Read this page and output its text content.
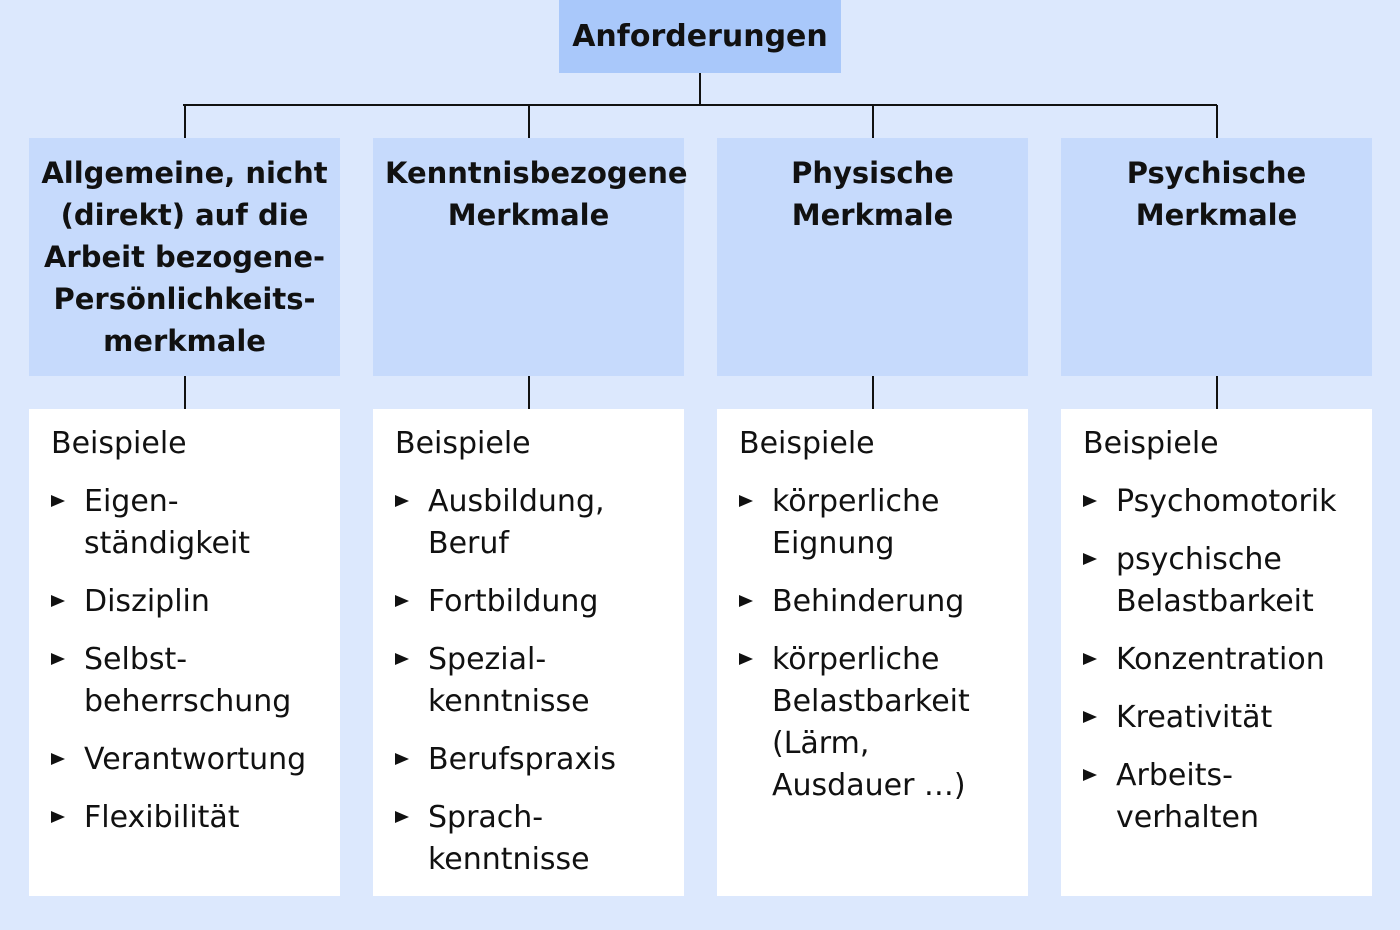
Anforderungen
Allgemeine, nicht
(direkt) auf die
Arbeit bezogene-
Persönlichkeits-
merkmale
Beispiele
Eigen-
ständigkeit
Disziplin
Selbst-
beherrschung
Verantwortung
Flexibilität
Kenntnisbezogene
Merkmale
Beispiele
Ausbildung,
Beruf
Fortbildung
Spezial-
kenntnisse
Berufspraxis
Sprach-
kenntnisse
Physische
Merkmale
Beispiele
körperliche
Eignung
Behinderung
körperliche
Belastbarkeit
(Lärm,
Ausdauer …)
Psychische
Merkmale
Beispiele
Psychomotorik
psychische
Belastbarkeit
Konzentration
Kreativität
Arbeits-
verhalten
